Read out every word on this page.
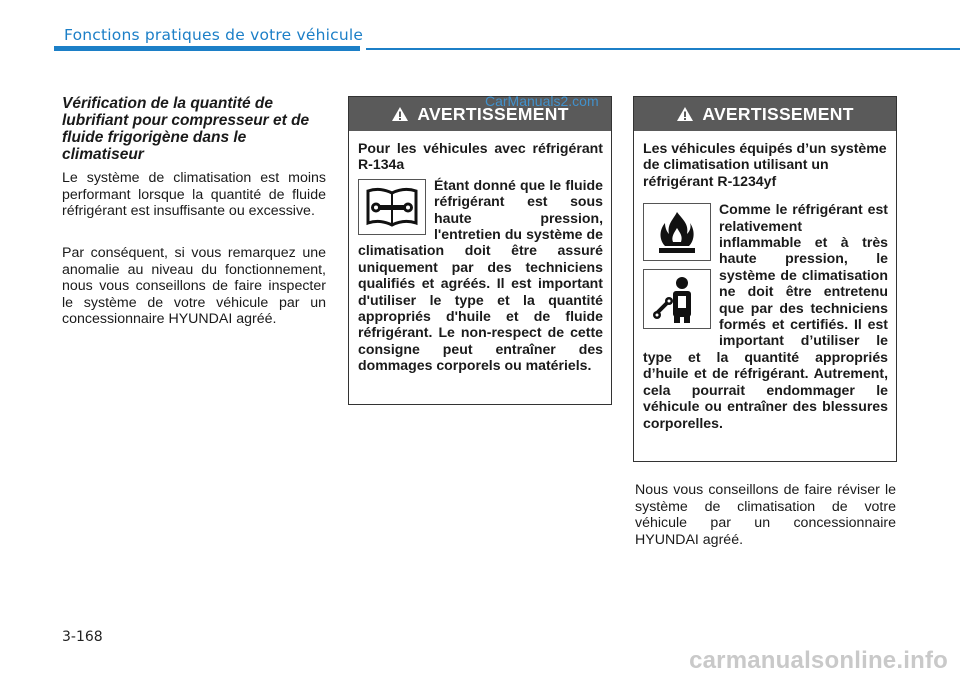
Fonctions pratiques de votre véhicule
Vérification de la quantité de lubrifiant pour compresseur et de fluide frigorigène dans le climatiseur
Le système de climatisation est moins performant lorsque la quantité de fluide réfrigérant est insuffisante ou excessive.
Par conséquent, si vous remarquez une anomalie au niveau du fonctionnement, nous vous conseillons de faire inspecter le système de votre véhicule par un concessionnaire HYUNDAI agréé.
AVERTISSEMENT
Pour les véhicules avec réfrigérant R-134a
Étant donné que le fluide réfrigérant est sous haute pression, l'entretien du système de climatisation doit être assuré uniquement par des techniciens qualifiés et agréés. Il est important d'utiliser le type et la quantité appropriés d'huile et de fluide réfrigérant. Le non-respect de cette consigne peut entraîner des dommages corporels ou matériels.
CarManuals2.com
AVERTISSEMENT
Les véhicules équipés d’un système de climatisation utilisant un réfrigérant R-1234yf
Comme le réfrigérant est relativement inflammable et à très haute pression, le système de climatisation ne doit être entretenu que par des techniciens formés et certifiés. Il est important d’utiliser le type et la quantité appropriés d’huile et de réfrigérant. Autrement, cela pourrait endommager le véhicule ou entraîner des blessures corporelles.
Nous vous conseillons de faire réviser le système de climatisation de votre véhicule par un concessionnaire HYUNDAI agréé.
3-168
carmanualsonline.info
